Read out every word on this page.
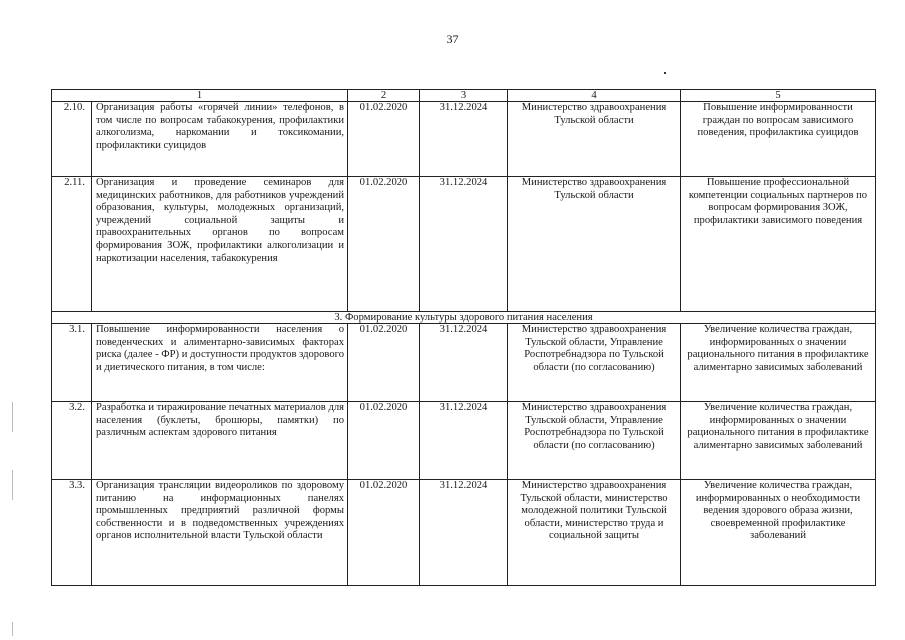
37
1		2	3	4	5
2.10.	Организация работы «горячей линии» телефонов, в том числе по вопросам табакокурения, профилактики алкоголизма, наркомании и токсикомании, профилактики суицидов	01.02.2020	31.12.2024	Министерство здравоохранения Тульской области	Повышение информированности граждан по вопросам зависимого поведения, профилактика суицидов
2.11.	Организация и проведение семинаров для медицинских работников, для работников учреждений образования, культуры, молодежных организаций, учреждений социальной защиты и правоохранительных органов по вопросам формирования ЗОЖ, профилактики алкоголизации и наркотизации населения, табакокурения	01.02.2020	31.12.2024	Министерство здравоохранения Тульской области	Повышение профессиональной компетенции социальных партнеров по вопросам формирования ЗОЖ, профилактики зависимого поведения
3. Формирование культуры здорового питания населения					
3.1.	Повышение информированности населения о поведенческих и алиментарно-зависимых факторах риска (далее - ФР) и доступности продуктов здорового и диетического питания, в том числе:	01.02.2020	31.12.2024	Министерство здравоохранения Тульской области, Управление Роспотребнадзора по Тульской области (по согласованию)	Увеличение количества граждан, информированных о значении рационального питания в профилактике алиментарно зависимых заболеваний
3.2.	Разработка и тиражирование печатных материалов для населения (буклеты, брошюры, памятки) по различным аспектам здорового питания	01.02.2020	31.12.2024	Министерство здравоохранения Тульской области, Управление Роспотребнадзора по Тульской области (по согласованию)	Увеличение количества граждан, информированных о значении рационального питания в профилактике алиментарно зависимых заболеваний
3.3.	Организация трансляции видеороликов по здоровому питанию на информационных панелях промышленных предприятий различной формы собственности и в подведомственных учреждениях органов исполнительной власти Тульской области	01.02.2020	31.12.2024	Министерство здравоохранения Тульской области, министерство молодежной политики Тульской области, министерство труда и социальной защиты	Увеличение количества граждан, информированных о необходимости ведения здорового образа жизни, своевременной профилактике заболеваний
